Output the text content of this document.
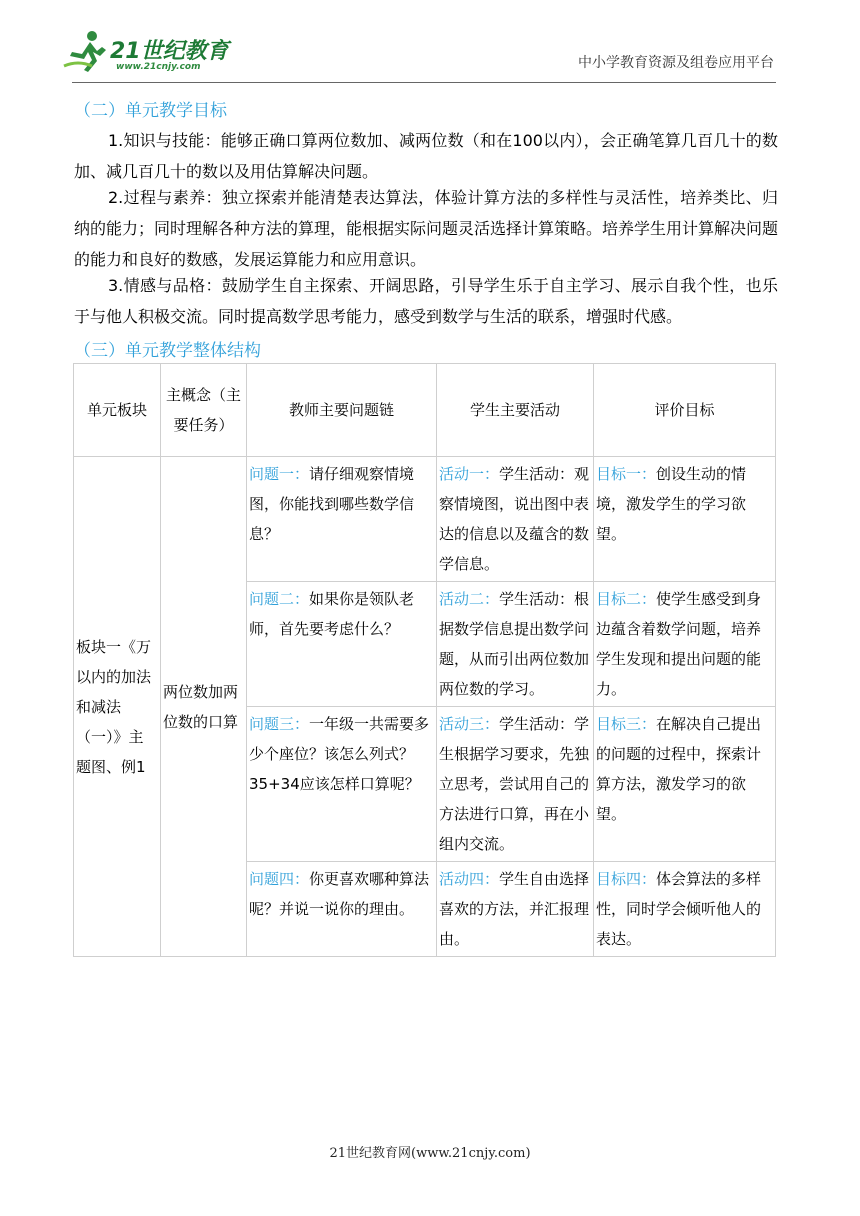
21世纪教育
www.21cnjy.com	中小学教育资源及组卷应用平台
（二）单元教学目标

1.知识与技能：能够正确口算两位数加、减两位数（和在100以内），会正确笔算几百几十的数加、减几百几十的数以及用估算解决问题。

2.过程与素养：独立探索并能清楚表达算法，体验计算方法的多样性与灵活性，培养类比、归纳的能力；同时理解各种方法的算理，能根据实际问题灵活选择计算策略。培养学生用计算解决问题的能力和良好的数感，发展运算能力和应用意识。

3.情感与品格：鼓励学生自主探索、开阔思路，引导学生乐于自主学习、展示自我个性，也乐于与他人积极交流。同时提高数学思考能力，感受到数学与生活的联系，增强时代感。

（三）单元教学整体结构
单元板块	主概念（主要任务）	教师主要问题链	学生主要活动	评价目标
板块一《万以内的加法和减法（一）》主题图、例1	两位数加两位数的口算	问题一：请仔细观察情境图，你能找到哪些数学信息？	活动一：学生活动：观察情境图，说出图中表达的信息以及蕴含的数学信息。	目标一：创设生动的情境，激发学生的学习欲望。
		问题二：如果你是领队老师，首先要考虑什么？	活动二：学生活动：根据数学信息提出数学问题，从而引出两位数加两位数的学习。	目标二：使学生感受到身边蕴含着数学问题，培养学生发现和提出问题的能力。
		问题三：一年级一共需要多少个座位？该怎么列式？35+34应该怎样口算呢？	活动三：学生活动：学生根据学习要求，先独立思考，尝试用自己的方法进行口算，再在小组内交流。	目标三：在解决自己提出的问题的过程中，探索计算方法，激发学习的欲望。
		问题四：你更喜欢哪种算法呢？并说一说你的理由。	活动四：学生自由选择喜欢的方法，并汇报理由。	目标四：体会算法的多样性，同时学会倾听他人的表达。
21世纪教育网(www.21cnjy.com)
